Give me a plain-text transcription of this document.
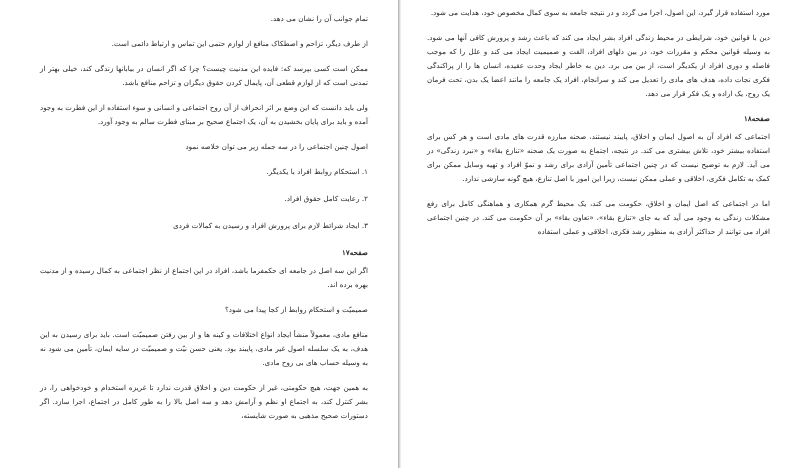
تمام جوانب آن را نشان می دهد.

از طرف دیگر، تزاحم و اصطکاک منافع از لوازم حتمی این تماس و ارتباط دائمی است.

ممکن است کسی بپرسد که: فایده این مدنیت چیست؟ چرا که اگر انسان در بیابانها زندگی کند، خیلی بهتر از تمدنی است که از لوازم قطعی آن، پایمال کردن حقوق دیگران و تزاحم منافع باشد.

ولی باید دانست که این وضع بر اثر انحراف از آن روح اجتماعی و انسانی و سوء استفاده از این فطرت به وجود آمده و باید برای پایان بخشیدن به آن، یک اجتماع صحیح بر مبنای فطرت سالم به وجود آورد.

اصول چنین اجتماعی را در سه جمله زیر می توان خلاصه نمود

۱. استحکام روابط افراد با یکدیگر.

۲. رعایت کامل حقوق افراد.

۳. ایجاد شرائط لازم برای پرورش افراد و رسیدن به کمالات فردی

صفحه۱۷

اگر این سه اصل در جامعه ای حکمفرما باشد، افراد در این اجتماع از نظر اجتماعی به کمال رسیده و از مدنیت بهره برده اند.

صمیمیّت و استحکام روابط از کجا پیدا می شود؟

منافع مادی، معمولاً منشأ ایجاد انواع اختلافات و کینه ها و از بین رفتن صمیمیّت است. باید برای رسیدن به این هدف، به یک سلسله اصول غیر مادی، پایبند بود. یعنی حسن نیّت و صمیمیّت در سایه ایمان، تأمین می شود نه به وسیله حساب های بی روح مادی.

به همین جهت، هیچ حکومتی، غیر از حکومت دین و اخلاق قدرت ندارد تا غریزه استخدام و خودخواهی را، در بشر کنترل کند، به اجتماع او نظم و آرامش دهد و سه اصل بالا را به طور کامل در اجتماع، اجرا سازد. اگر دستورات صحیح مذهبی به صورت شایسته،

مورد استفاده قرار گیرد، این اصول، اجرا می گردد و در نتیجه جامعه به سوی کمال مخصوص خود، هدایت می شود.

دین با قوانین خود، شرایطی در محیط زندگی افراد بشر ایجاد می کند که باعث رشد و پرورش کافی آنها می شود. به وسیله قوانین محکم و مقررات خود، در بین دلهای افراد، الفت و صمیمیت ایجاد می کند و علل را که موجب فاصله و دوری افراد از یکدیگر است، از بین می برد. دین به خاطر ایجاد وحدت عقیده، انسان ها را از پراکندگی فکری نجات داده، هدف های مادی را تعدیل می کند و سرانجام، افراد یک جامعه را مانند اعضا یک بدن، تحت فرمان یک روح، یک اراده و یک فکر قرار می دهد.

صفحه۱۸

اجتماعی که افراد آن به اصول ایمان و اخلاق، پایبند نیستند، صحنه مبارزه قدرت های مادی است و هر کس برای استفاده بیشتر خود، تلاش بیشتری می کند. در نتیجه، اجتماع به صورت یک صحنه «تنازع بقاء» و «نبرد زندگی» در می آید. لازم به توضیح نیست که در چنین اجتماعی تأمین آزادی برای رشد و نموّ افراد و تهیه وسایل ممکن برای کمک به تکامل فکری، اخلاقی و عملی ممکن نیست، زیرا این امور با اصل تنازع، هیچ گونه سازشی ندارد.

اما در اجتماعی که اصل ایمان و اخلاق، حکومت می کند، یک محیط گرم همکاری و هماهنگی کامل برای رفع مشکلات زندگی به وجود می آید که به جای «تنازع بقاء»، «تعاون بقاء» بر آن حکومت می کند. در چنین اجتماعی افراد می توانند از حداکثر آزادی به منظور رشد فکری، اخلاقی و عملی استفاده
